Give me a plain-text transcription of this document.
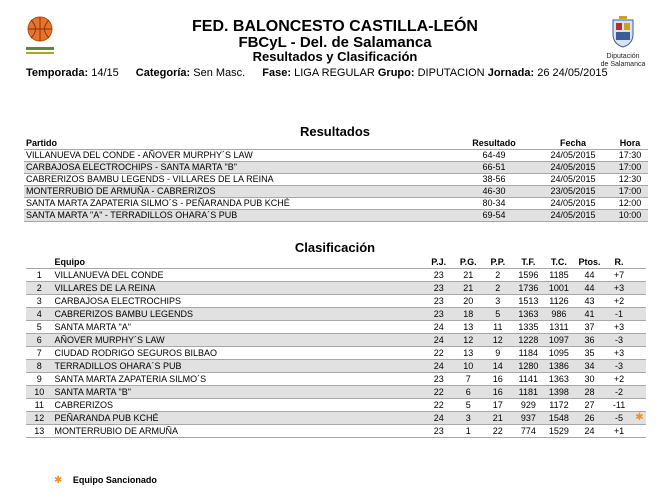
Diputación
de Salamanca
FED. BALONCESTO CASTILLA-LEÓN
FBCyL - Del. de Salamanca
Resultados y Clasificación
Temporada: 14/15 Categoría: Sen Masc. Fase: LIGA REGULAR Grupo: DIPUTACION Jornada: 26 24/05/2015
Resultados
Partido	Resultado	Fecha	Hora
VILLANUEVA DEL CONDE - AÑOVER MURPHY´S LAW	64-49	24/05/2015	17:30
CARBAJOSA ELECTROCHIPS - SANTA MARTA "B"	66-51	24/05/2015	17:00
CABRERIZOS BAMBU LEGENDS - VILLARES DE LA REINA	38-56	24/05/2015	12:30
MONTERRUBIO DE ARMUÑA - CABRERIZOS	46-30	23/05/2015	17:00
SANTA MARTA ZAPATERIA SILMO´S - PEÑARANDA PUB KCHÉ	80-34	24/05/2015	12:00
SANTA MARTA "A" - TERRADILLOS OHARA´S PUB	69-54	24/05/2015	10:00
Clasificación
	Equipo	P.J.	P.G.	P.P.	T.F.	T.C.	Ptos.	R.	
1	VILLANUEVA DEL CONDE	23	21	2	1596	1185	44	+7	
2	VILLARES DE LA REINA	23	21	2	1736	1001	44	+3	
3	CARBAJOSA ELECTROCHIPS	23	20	3	1513	1126	43	+2	
4	CABRERIZOS BAMBU LEGENDS	23	18	5	1363	986	41	-1	
5	SANTA MARTA "A"	24	13	11	1335	1311	37	+3	
6	AÑOVER MURPHY´S LAW	24	12	12	1228	1097	36	-3	
7	CIUDAD RODRIGO SEGUROS BILBAO	22	13	9	1184	1095	35	+3	
8	TERRADILLOS OHARA´S PUB	24	10	14	1280	1386	34	-3	
9	SANTA MARTA ZAPATERIA SILMO´S	23	7	16	1141	1363	30	+2	
10	SANTA MARTA "B"	22	6	16	1181	1398	28	-2	
11	CABRERIZOS	22	5	17	929	1172	27	-11	
12	PEÑARANDA PUB KCHÉ	24	3	21	937	1548	26	-5	✱
13	MONTERRUBIO DE ARMUÑA	23	1	22	774	1529	24	+1	
✱ Equipo Sancionado
